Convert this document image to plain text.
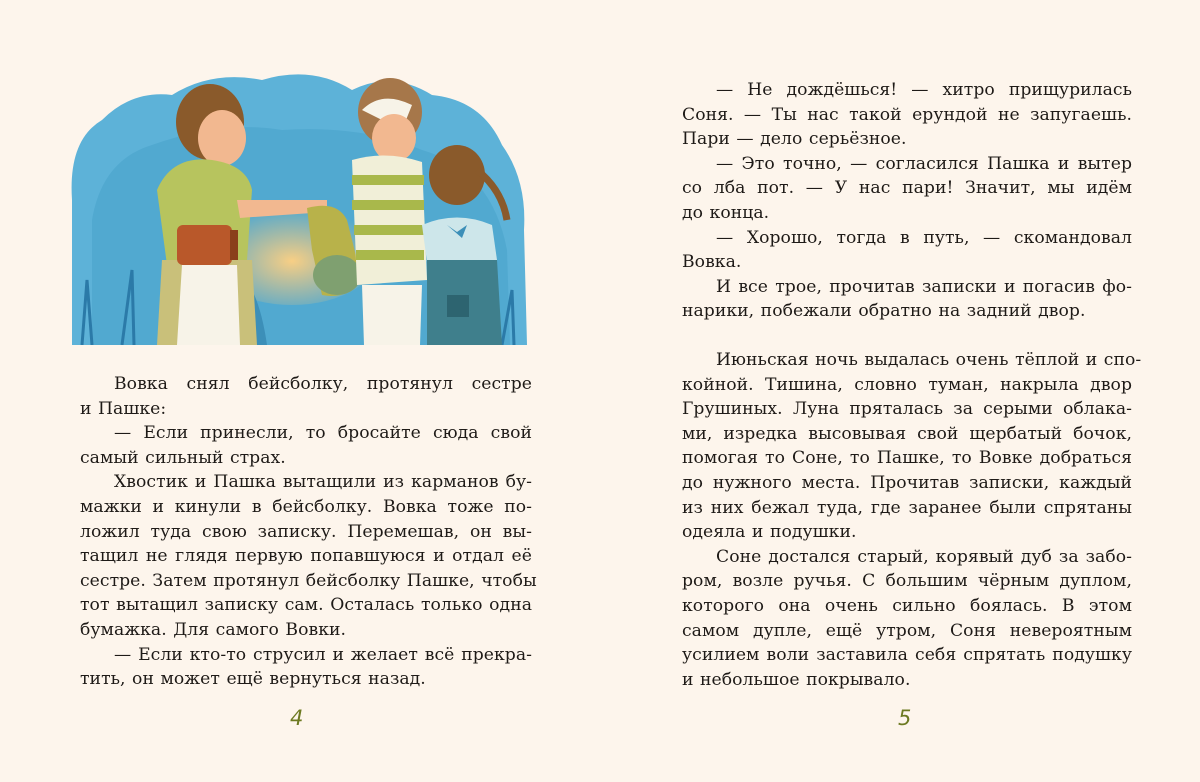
Вовка снял бейсболку, протянул сестре
и Пашке:
— Если принесли, то бросайте сюда свой
самый сильный страх.
Хвостик и Пашка вытащили из карманов бу-
мажки и кинули в бейсболку. Вовка тоже по-
ложил туда свою записку. Перемешав, он вы-
тащил не глядя первую попавшуюся и отдал её
сестре. Затем протянул бейсболку Пашке, чтобы
тот вытащил записку сам. Осталась только одна
бумажка. Для самого Вовки.
— Если кто-то струсил и желает всё прекра-
тить, он может ещё вернуться назад.
4
— Не дождёшься! — хитро прищурилась
Соня. — Ты нас такой ерундой не запугаешь.
Пари — дело серьёзное.
— Это точно, — согласился Пашка и вытер
со лба пот. — У нас пари! Значит, мы идём
до конца.
— Хорошо, тогда в путь, — скомандовал
Вовка.
И все трое, прочитав записки и погасив фо-
нарики, побежали обратно на задний двор.
Июньская ночь выдалась очень тёплой и спо-
койной. Тишина, словно туман, накрыла двор
Грушиных. Луна пряталась за серыми облака-
ми, изредка высовывая свой щербатый бочок,
помогая то Соне, то Пашке, то Вовке добраться
до нужного места. Прочитав записки, каждый
из них бежал туда, где заранее были спрятаны
одеяла и подушки.
Соне достался старый, корявый дуб за забо-
ром, возле ручья. С большим чёрным дуплом,
которого она очень сильно боялась. В этом
самом дупле, ещё утром, Соня невероятным
усилием воли заставила себя спрятать подушку
и небольшое покрывало.
5
